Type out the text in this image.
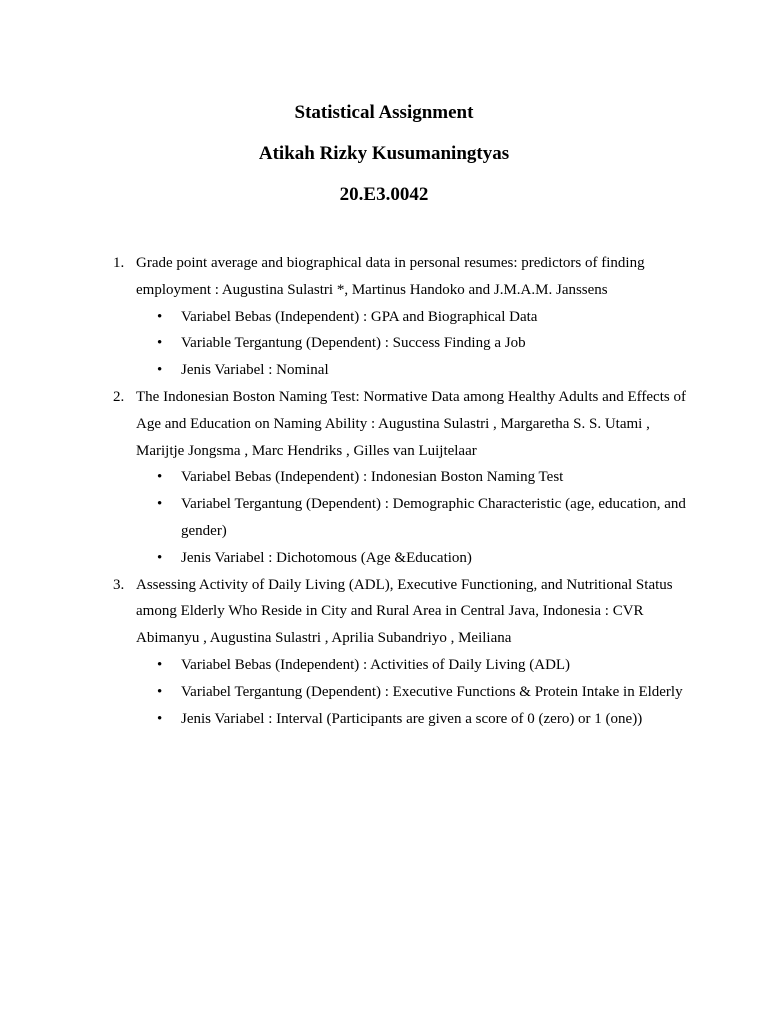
Statistical Assignment

Atikah Rizky Kusumaningtyas

20.E3.0042

1. Grade point average and biographical data in personal resumes: predictors of finding employment : Augustina Sulastri *, Martinus Handoko and J.M.A.M. Janssens
• Variabel Bebas (Independent) : GPA and Biographical Data
• Variable Tergantung (Dependent) : Success Finding a Job
• Jenis Variabel : Nominal
2. The Indonesian Boston Naming Test: Normative Data among Healthy Adults and Effects of Age and Education on Naming Ability : Augustina Sulastri , Margaretha S. S. Utami , Marijtje Jongsma , Marc Hendriks , Gilles van Luijtelaar
• Variabel Bebas (Independent) : Indonesian Boston Naming Test
• Variabel Tergantung (Dependent) : Demographic Characteristic (age, education, and gender)
• Jenis Variabel : Dichotomous (Age &Education)
3. Assessing Activity of Daily Living (ADL), Executive Functioning, and Nutritional Status among Elderly Who Reside in City and Rural Area in Central Java, Indonesia : CVR Abimanyu , Augustina Sulastri , Aprilia Subandriyo , Meiliana
• Variabel Bebas (Independent) : Activities of Daily Living (ADL)
• Variabel Tergantung (Dependent) : Executive Functions & Protein Intake in Elderly
• Jenis Variabel : Interval (Participants are given a score of 0 (zero) or 1 (one))
